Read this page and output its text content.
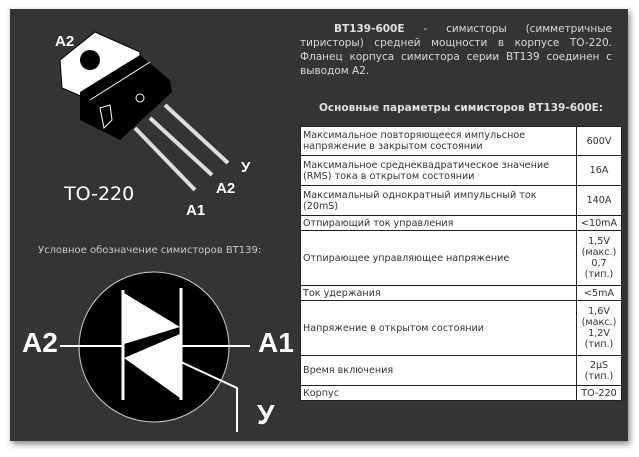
A2
У
A2
A1
TO-220
A2	A1
У
Условное обозначение симисторов BT139:
BT139-600E - симисторы (симметричные тиристоры) средней мощности в корпусе TO-220. Фланец корпуса симистора серии BT139 соединен с выводом A2.
Основные параметры симисторов BT139-600E:
Максимальное повторяющееся импульсное напряжение в закрытом состоянии	600V
Максимальное среднеквадратическое значение (RMS) тока в открытом состоянии	16A
Максимальный однократный импульсный ток (20mS)	140A
Отпирающий ток управления	<10mA
Отпирающее управляющее напряжение	1,5V (макс.) 0,7 (тип.)
Ток удержания	<5mA
Напряжение в открытом состоянии	1,6V (макс.) 1,2V (тип.)
Время включения	2µS (тип.)
Корпус	TO-220
